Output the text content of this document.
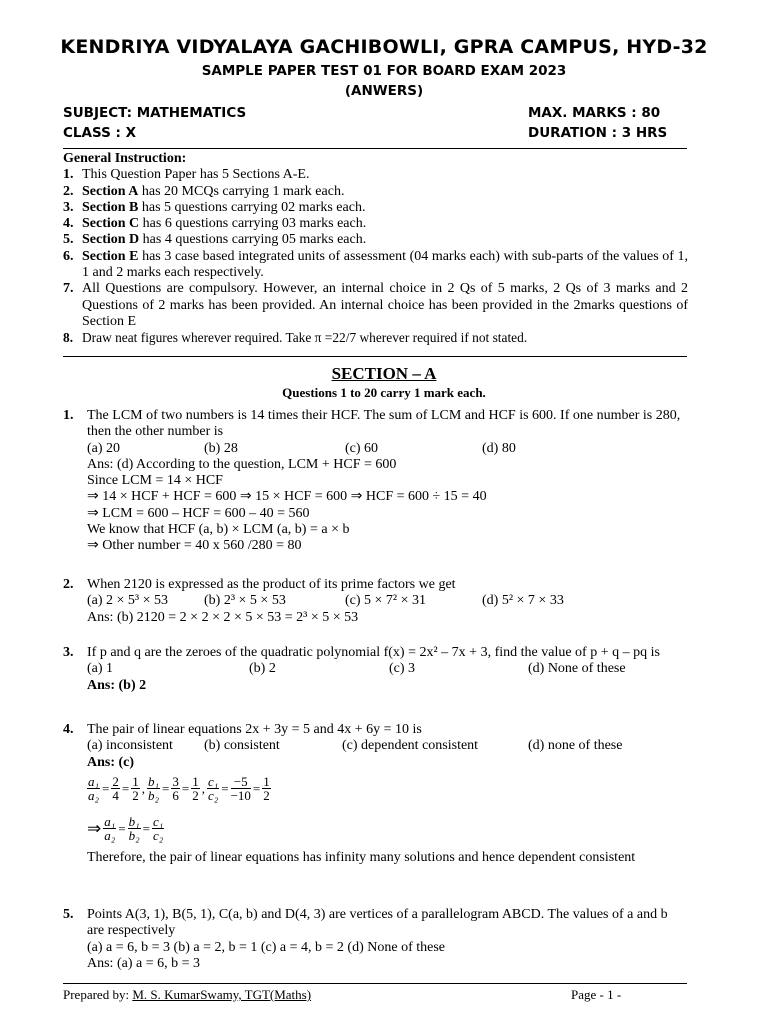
KENDRIYA VIDYALAYA GACHIBOWLI, GPRA CAMPUS, HYD-32
SAMPLE PAPER TEST 01 FOR BOARD EXAM 2023
(ANWERS)
SUBJECT: MATHEMATICS	MAX. MARKS : 80
CLASS : X	DURATION : 3 HRS
General Instruction:
1. This Question Paper has 5 Sections A-E.
2. Section A has 20 MCQs carrying 1 mark each.
3. Section B has 5 questions carrying 02 marks each.
4. Section C has 6 questions carrying 03 marks each.
5. Section D has 4 questions carrying 05 marks each.
6. Section E has 3 case based integrated units of assessment (04 marks each) with sub-parts of the values of 1, 1 and 2 marks each respectively.
7. All Questions are compulsory. However, an internal choice in 2 Qs of 5 marks, 2 Qs of 3 marks and 2 Questions of 2 marks has been provided. An internal choice has been provided in the 2marks questions of Section E
8. Draw neat figures wherever required. Take π =22/7 wherever required if not stated.
SECTION – A
Questions 1 to 20 carry 1 mark each.
1. The LCM of two numbers is 14 times their HCF. The sum of LCM and HCF is 600. If one number is 280, then the other number is
(a) 20	(b) 28	(c) 60	(d) 80
Ans: (d) According to the question, LCM + HCF = 600
Since LCM = 14 × HCF
⇒ 14 × HCF + HCF = 600 ⇒ 15 × HCF = 600 ⇒ HCF = 600 ÷ 15 = 40
⇒ LCM = 600 – HCF = 600 – 40 = 560
We know that HCF (a, b) × LCM (a, b) = a × b
⇒ Other number = 40 x 560 /280 = 80
2. When 2120 is expressed as the product of its prime factors we get
(a) 2 × 5³ × 53	(b) 2³ × 5 × 53	(c) 5 × 7² × 31	(d) 5² × 7 × 33
Ans: (b) 2120 = 2 × 2 × 2 × 5 × 53 = 2³ × 5 × 53
3. If p and q are the zeroes of the quadratic polynomial f(x) = 2x² – 7x + 3, find the value of p + q – pq is
(a) 1	(b) 2	(c) 3	(d) None of these
Ans: (b) 2
4. The pair of linear equations 2x + 3y = 5 and 4x + 6y = 10 is
(a) inconsistent (b) consistent	(c) dependent consistent	(d) none of these
Ans: (c)
$\frac{\text{a₁}}{\text{a₂}} = \frac{2}{4} = \frac{1}{2}$ , $\frac{\text{b₁}}{\text{b₂}} = \frac{3}{6} = \frac{1}{2}$ , $\frac{\text{c₁}}{\text{c₂}} = \frac{-5}{-10} = \frac{1}{2}$
⇒ $\frac{\text{a₁}}{\text{a₂}} = \frac{\text{b₁}}{\text{b₂}} = \frac{\text{c₁}}{\text{c₂}}$
Therefore, the pair of linear equations has infinity many solutions and hence dependent consistent
5. Points A(3, 1), B(5, 1), C(a, b) and D(4, 3) are vertices of a parallelogram ABCD. The values of a and b are respectively
(a) a = 6, b = 3 (b) a = 2, b = 1 (c) a = 4, b = 2 (d) None of these
Ans: (a) a = 6, b = 3
Prepared by: M. S. KumarSwamy, TGT(Maths)	Page - 1 -
